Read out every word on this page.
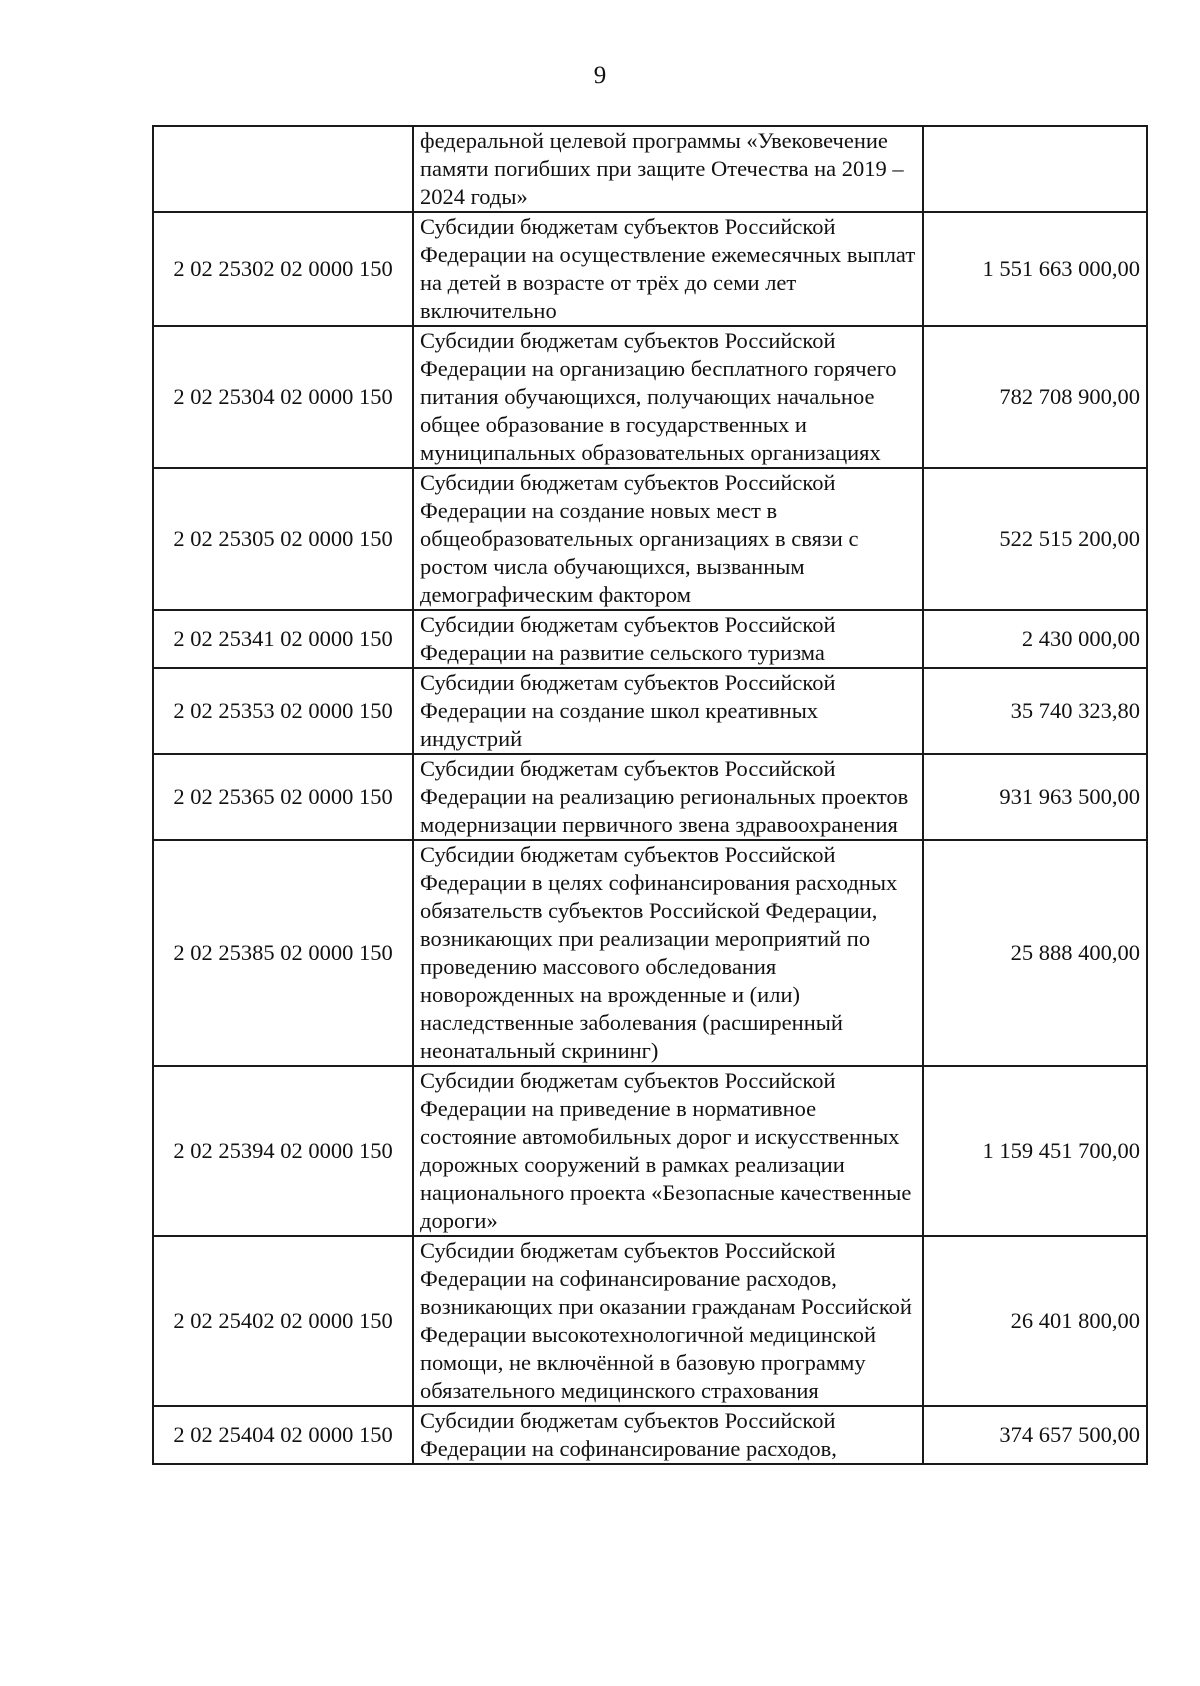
9
	федеральной целевой программы «Увековечение памяти погибших при защите Отечества на 2019 – 2024 годы»	
2 02 25302 02 0000 150	Субсидии бюджетам субъектов Российской Федерации на осуществление ежемесячных выплат на детей в возрасте от трёх до семи лет включительно	1 551 663 000,00
2 02 25304 02 0000 150	Субсидии бюджетам субъектов Российской Федерации на организацию бесплатного горячего питания обучающихся, получающих начальное общее образование в государственных и муниципальных образовательных организациях	782 708 900,00
2 02 25305 02 0000 150	Субсидии бюджетам субъектов Российской Федерации на создание новых мест в общеобразовательных организациях в связи с ростом числа обучающихся, вызванным демографическим фактором	522 515 200,00
2 02 25341 02 0000 150	Субсидии бюджетам субъектов Российской Федерации на развитие сельского туризма	2 430 000,00
2 02 25353 02 0000 150	Субсидии бюджетам субъектов Российской Федерации на создание школ креативных индустрий	35 740 323,80
2 02 25365 02 0000 150	Субсидии бюджетам субъектов Российской Федерации на реализацию региональных проектов модернизации первичного звена здравоохранения	931 963 500,00
2 02 25385 02 0000 150	Субсидии бюджетам субъектов Российской Федерации в целях софинансирования расходных обязательств субъектов Российской Федерации, возникающих при реализации мероприятий по проведению массового обследования новорожденных на врожденные и (или) наследственные заболевания (расширенный неонатальный скрининг)	25 888 400,00
2 02 25394 02 0000 150	Субсидии бюджетам субъектов Российской Федерации на приведение в нормативное состояние автомобильных дорог и искусственных дорожных сооружений в рамках реализации национального проекта «Безопасные качественные дороги»	1 159 451 700,00
2 02 25402 02 0000 150	Субсидии бюджетам субъектов Российской Федерации на софинансирование расходов, возникающих при оказании гражданам Российской Федерации высокотехнологичной медицинской помощи, не включённой в базовую программу обязательного медицинского страхования	26 401 800,00
2 02 25404 02 0000 150	Субсидии бюджетам субъектов Российской Федерации на софинансирование расходов,	374 657 500,00
